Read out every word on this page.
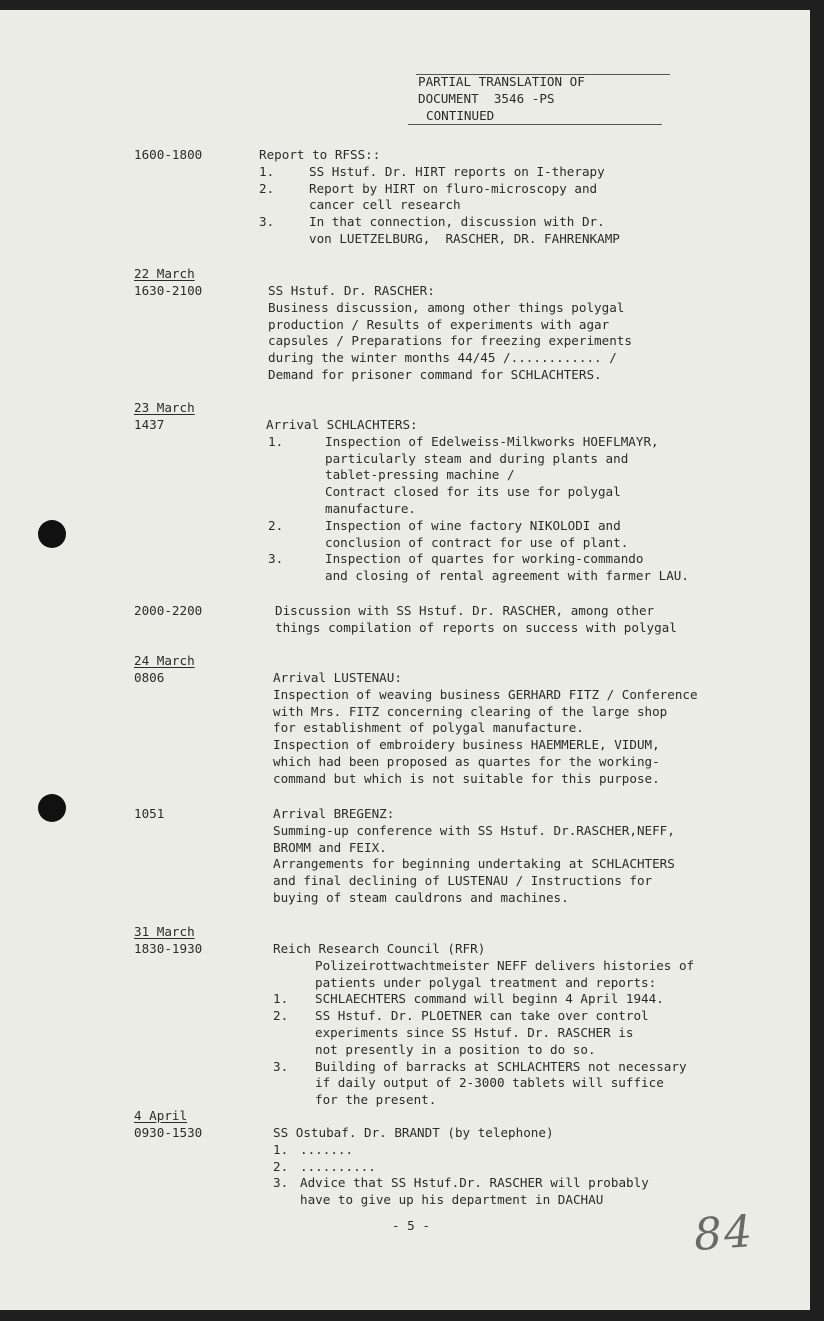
PARTIAL TRANSLATION OF
DOCUMENT  3546 -PS
CONTINUED
1600-1800	Report to RFSS::
1.	SS Hstuf. Dr. HIRT reports on I-therapy
2.	Report by HIRT on fluro-microscopy and
cancer cell research
3.	In that connection, discussion with Dr.
von LUETZELBURG,  RASCHER, DR. FAHRENKAMP
22 March
1630-2100	SS Hstuf. Dr. RASCHER:
Business discussion, among other things polygal
production / Results of experiments with agar
capsules / Preparations for freezing experiments
during the winter months 44/45 /............ /
Demand for prisoner command for SCHLACHTERS.
23 March
1437	Arrival SCHLACHTERS:
1.	Inspection of Edelweiss-Milkworks HOEFLMAYR,
particularly steam and during plants and
tablet-pressing machine /
Contract closed for its use for polygal
manufacture.
2.	Inspection of wine factory NIKOLODI and
conclusion of contract for use of plant.
3.	Inspection of quartes for working-commando
and closing of rental agreement with farmer LAU.
2000-2200	Discussion with SS Hstuf. Dr. RASCHER, among other
things compilation of reports on success with polygal
24 March
0806	Arrival LUSTENAU:
Inspection of weaving business GERHARD FITZ / Conference
with Mrs. FITZ concerning clearing of the large shop
for establishment of polygal manufacture.
Inspection of embroidery business HAEMMERLE, VIDUM,
which had been proposed as quartes for the working-
command but which is not suitable for this purpose.
1051	Arrival BREGENZ:
Summing-up conference with SS Hstuf. Dr.RASCHER,NEFF,
BROMM and FEIX.
Arrangements for beginning undertaking at SCHLACHTERS
and final declining of LUSTENAU / Instructions for
buying of steam cauldrons and machines.
31 March
1830-1930	Reich Research Council (RFR)
Polizeirottwachtmeister NEFF delivers histories of
patients under polygal treatment and reports:
1. SCHLAECHTERS command will beginn 4 April 1944.
2. SS Hstuf. Dr. PLOETNER can take over control
experiments since SS Hstuf. Dr. RASCHER is
not presently in a position to do so.
3. Building of barracks at SCHLACHTERS not necessary
if daily output of 2-3000 tablets will suffice
for the present.
4 April
0930-1530	SS Ostubaf. Dr. BRANDT (by telephone)
1. .......
2. ..........
3. Advice that SS Hstuf.Dr. RASCHER will probably
have to give up his department in DACHAU
- 5 -	84
